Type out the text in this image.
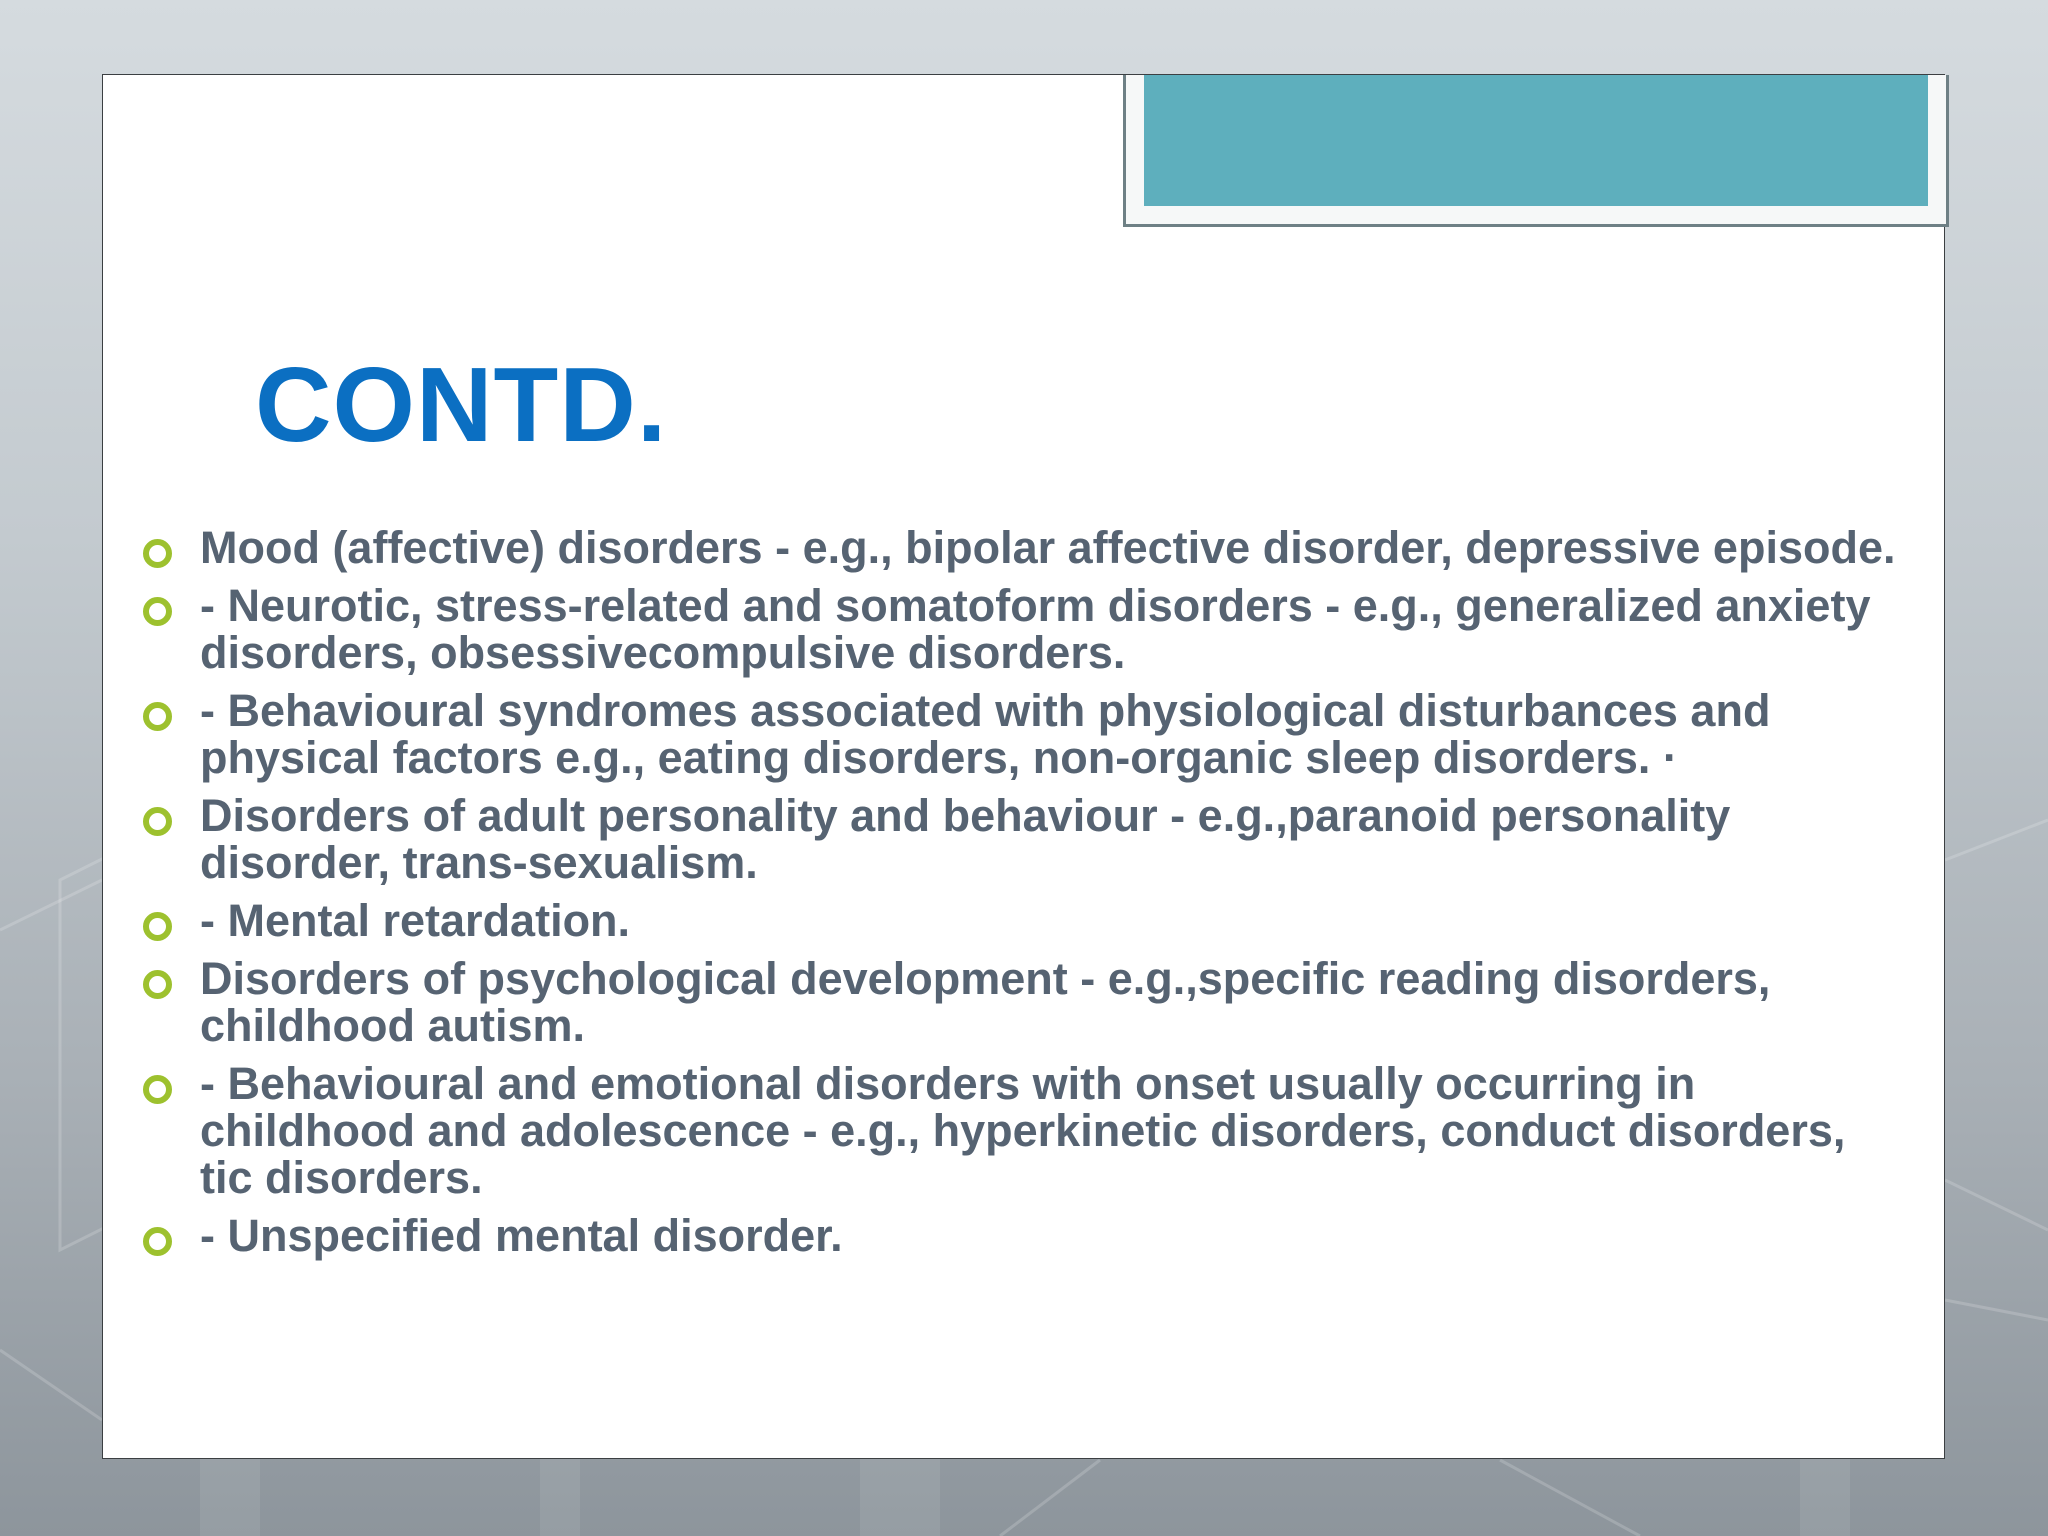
CONTD.
Mood (affective) disorders - e.g., bipolar affective disorder, depressive episode.
- Neurotic, stress-related and somatoform disorders - e.g., generalized anxiety disorders, obsessivecompulsive disorders.
- Behavioural syndromes associated with physiological disturbances and physical factors e.g., eating disorders, non-organic sleep disorders. ·
Disorders of adult personality and behaviour - e.g.,paranoid personality disorder, trans-sexualism.
- Mental retardation.
Disorders of psychological development - e.g.,specific reading disorders, childhood autism.
- Behavioural and emotional disorders with onset usually occurring in childhood and adolescence - e.g., hyperkinetic disorders, conduct disorders, tic disorders.
- Unspecified mental disorder.
